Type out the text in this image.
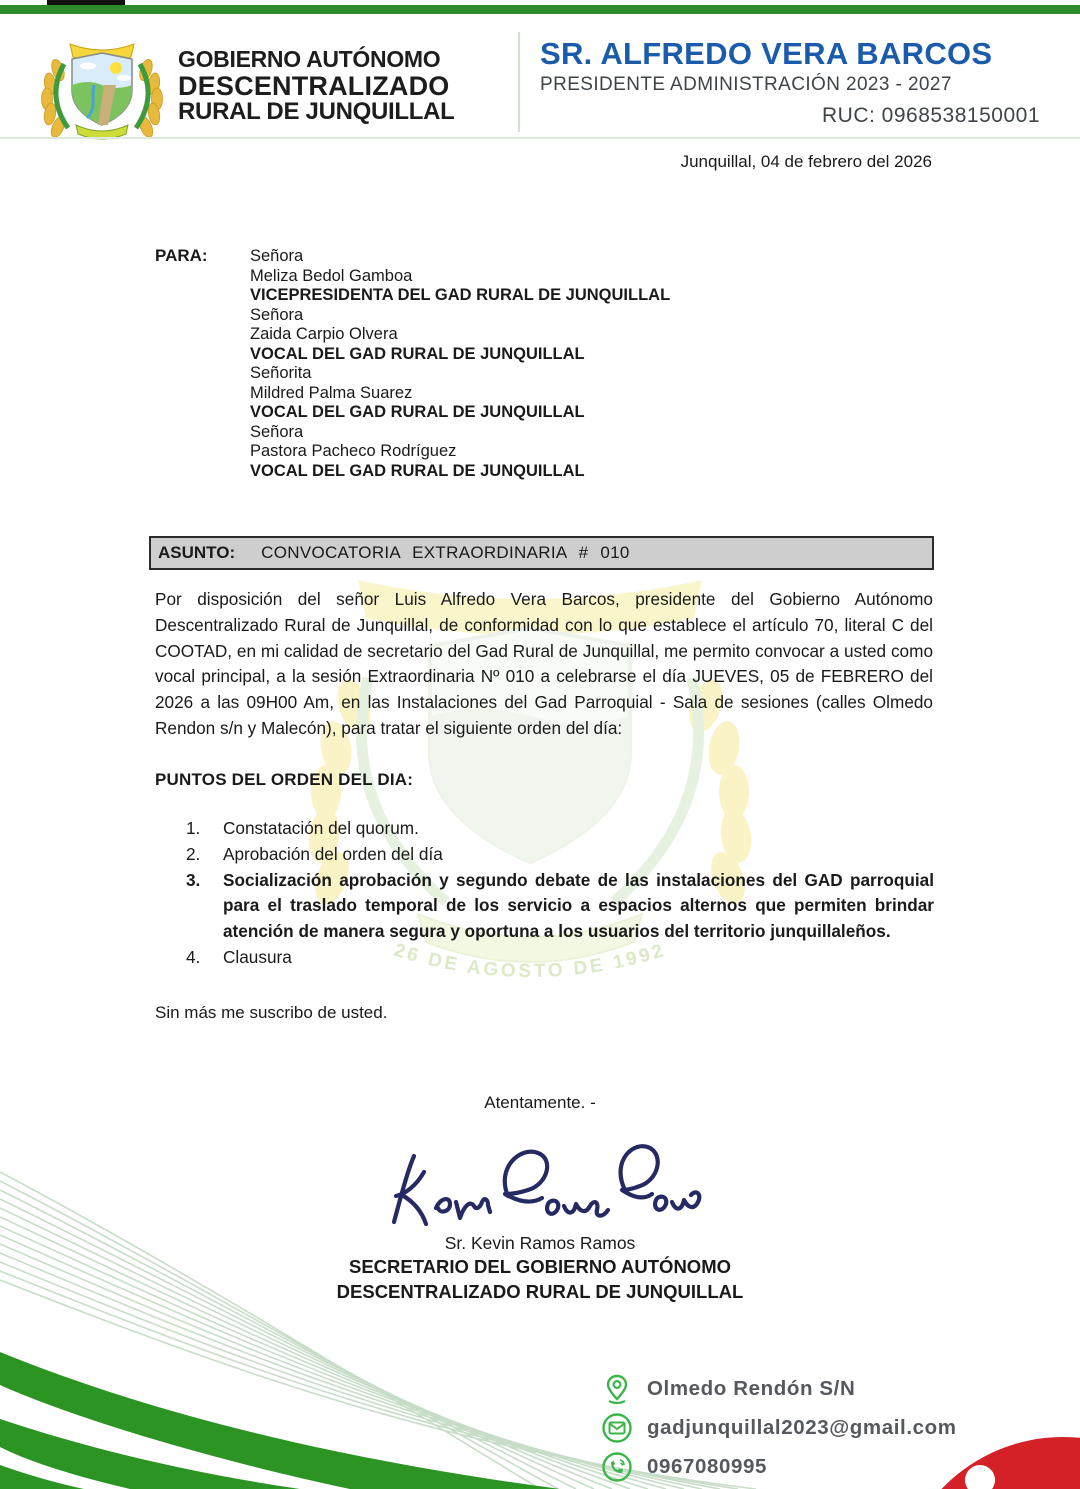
26 DE AGOSTO DE 1992
GOBIERNO AUTÓNOMO
DESCENTRALIZADO
RURAL DE JUNQUILLAL
SR. ALFREDO VERA BARCOS
PRESIDENTE ADMINISTRACIÓN 2023 - 2027
RUC: 0968538150001
Junquillal, 04 de febrero del 2026
PARA:	Señora
Meliza Bedol Gamboa
VICEPRESIDENTA DEL GAD RURAL DE JUNQUILLAL
Señora
Zaida Carpio Olvera
VOCAL DEL GAD RURAL DE JUNQUILLAL
Señorita
Mildred Palma Suarez
VOCAL DEL GAD RURAL DE JUNQUILLAL
Señora
Pastora Pacheco Rodríguez
VOCAL DEL GAD RURAL DE JUNQUILLAL
ASUNTO: CONVOCATORIA EXTRAORDINARIA # 010
Por disposición del señor Luis Alfredo Vera Barcos, presidente del Gobierno Autónomo Descentralizado Rural de Junquillal, de conformidad con lo que establece el artículo 70, literal C del COOTAD, en mi calidad de secretario del Gad Rural de Junquillal, me permito convocar a usted como vocal principal, a la sesión Extraordinaria Nº 010 a celebrarse el día JUEVES, 05 de FEBRERO del 2026 a las 09H00 Am, en las Instalaciones del Gad Parroquial - Sala de sesiones (calles Olmedo Rendon s/n y Malecón), para tratar el siguiente orden del día:
PUNTOS DEL ORDEN DEL DIA:
1.	Constatación del quorum.
2.	Aprobación del orden del día
3.	Socialización aprobación y segundo debate de las instalaciones del GAD parroquial para el traslado temporal de los servicio a espacios alternos que permiten brindar atención de manera segura y oportuna a los usuarios del territorio junquillaleños.
4.	Clausura
Sin más me suscribo de usted.
Atentamente. -
Sr. Kevin Ramos Ramos
SECRETARIO DEL GOBIERNO AUTÓNOMO
DESCENTRALIZADO RURAL DE JUNQUILLAL
Olmedo Rendón S/N
gadjunquillal2023@gmail.com
0967080995
